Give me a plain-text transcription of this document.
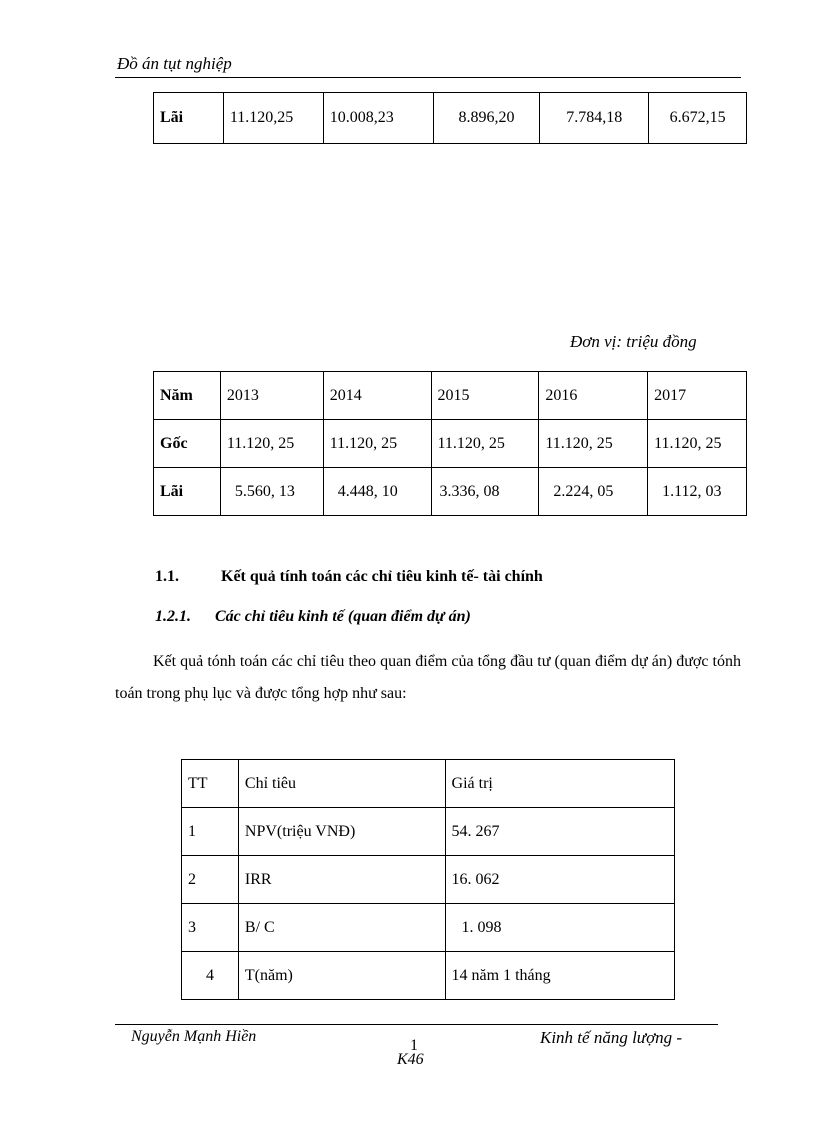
Đồ án tụt nghiệp
Lãi	11.120,25	10.008,23	8.896,20	7.784,18	6.672,15
Đơn vị: triệu đồng
Năm	2013	2014	2015	2016	2017
Gốc	11.120, 25	11.120, 25	11.120, 25	11.120, 25	11.120, 25
Lãi	5.560, 13	4.448, 10	3.336, 08	2.224, 05	1.112, 03
1.1.	Kết quả tính toán các chỉ tiêu kinh tế- tài chính
1.2.1. Các chỉ tiêu kinh tế (quan điểm dự án)

Kết quả tónh toán các chỉ tiêu theo quan điểm của tổng đầu tư (quan điểm dự án) được tónh toán trong phụ lục và được tổng hợp như sau:

TT	Chỉ tiêu	Giá trị
1	NPV(triệu VNĐ)	54. 267
2	IRR	16. 062
3	B/ C	1. 098
4	T(năm)	14 năm 1 tháng
Nguyễn Mạnh Hiền
1	Kinh tế năng lượng -
K46
